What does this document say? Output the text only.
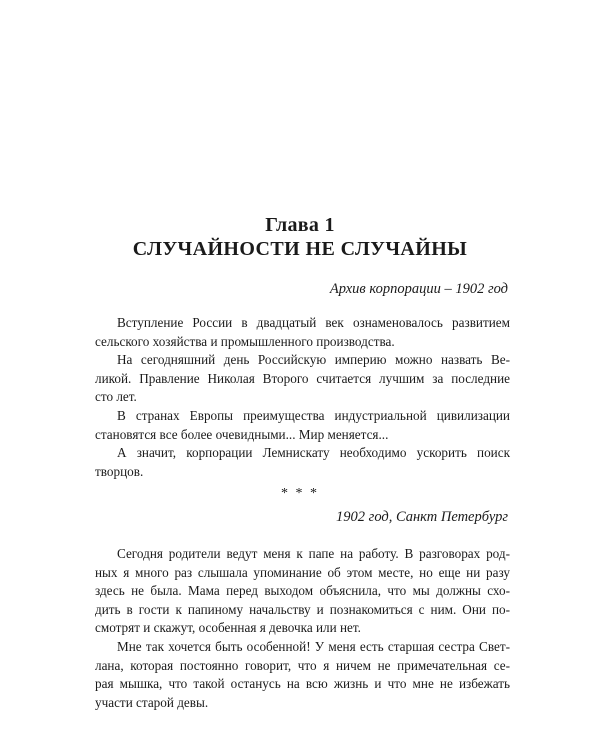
Глава 1
СЛУЧАЙНОСТИ НЕ СЛУЧАЙНЫ
Архив корпорации – 1902 год
Вступление России в двадцатый век ознаменовалось развитием
сельского хозяйства и промышленного производства.
На сегодняшний день Российскую империю можно назвать Ве-
ликой. Правление Николая Второго считается лучшим за последние
сто лет.
В странах Европы преимущества индустриальной цивилизации
становятся все более очевидными... Мир меняется...
А значит, корпорации Лемнискату необходимо ускорить поиск
творцов.
* * *
1902 год, Санкт Петербург
Сегодня родители ведут меня к папе на работу. В разговорах род-
ных я много раз слышала упоминание об этом месте, но еще ни разу
здесь не была. Мама перед выходом объяснила, что мы должны схо-
дить в гости к папиному начальству и познакомиться с ним. Они по-
смотрят и скажут, особенная я девочка или нет.
Мне так хочется быть особенной! У меня есть старшая сестра Свет-
лана, которая постоянно говорит, что я ничем не примечательная се-
рая мышка, что такой останусь на всю жизнь и что мне не избежать
участи старой девы.
